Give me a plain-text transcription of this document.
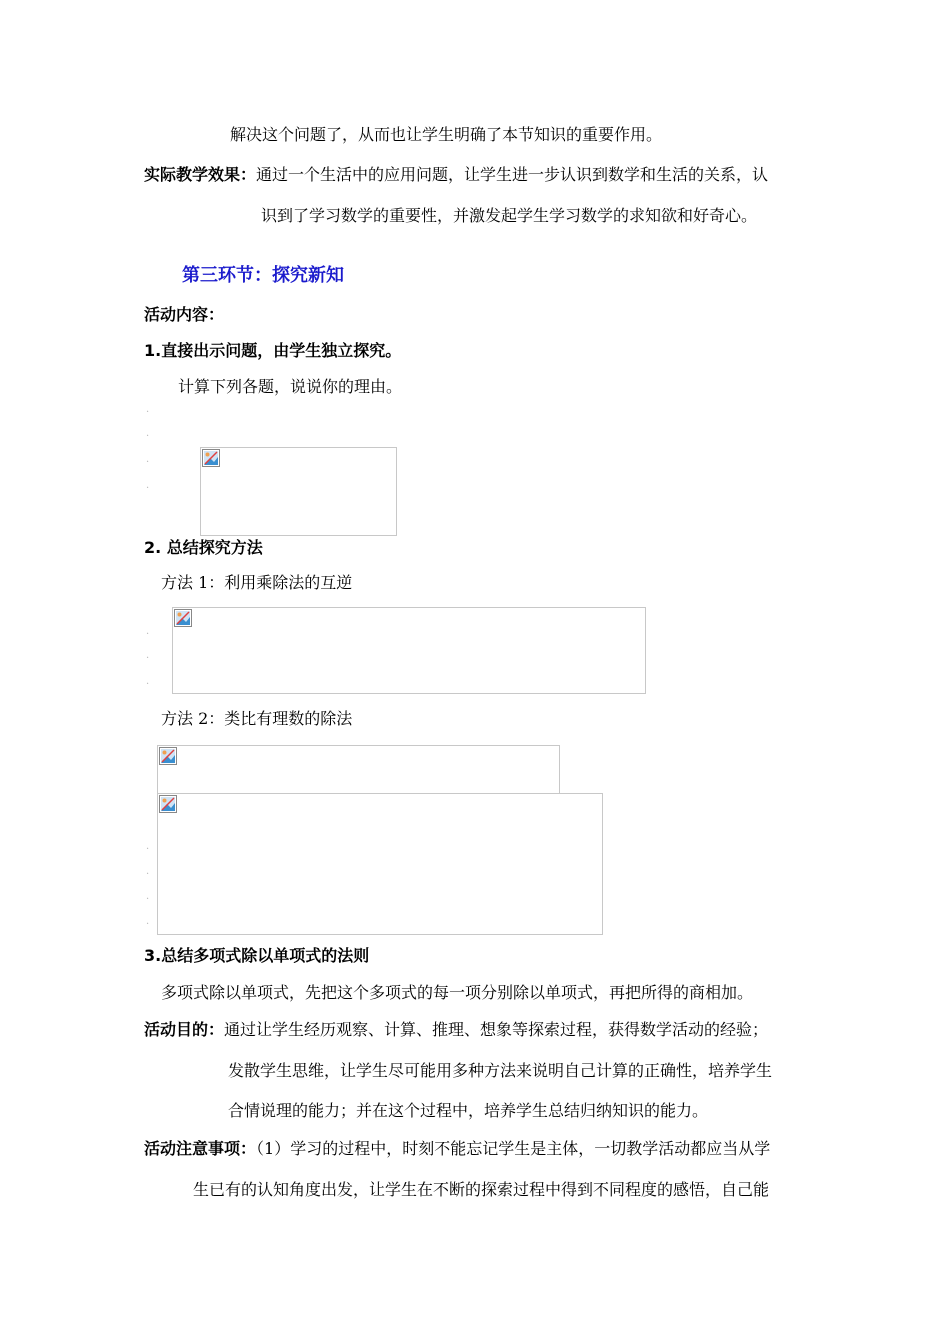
解决这个问题了，从而也让学生明确了本节知识的重要作用。
实际教学效果：通过一个生活中的应用问题，让学生进一步认识到数学和生活的关系，认
识到了学习数学的重要性，并激发起学生学习数学的求知欲和好奇心。
第三环节：探究新知
活动内容：
1.直接出示问题，由学生独立探究。
计算下列各题，说说你的理由。
·
·
·
·
2. 总结探究方法
方法 1：利用乘除法的互逆
·
·
·
方法 2：类比有理数的除法
·
·
·
·
3.总结多项式除以单项式的法则
多项式除以单项式，先把这个多项式的每一项分别除以单项式，再把所得的商相加。
活动目的：通过让学生经历观察、计算、推理、想象等探索过程，获得数学活动的经验；
发散学生思维，让学生尽可能用多种方法来说明自己计算的正确性，培养学生
合情说理的能力；并在这个过程中，培养学生总结归纳知识的能力。
活动注意事项：（1）学习的过程中，时刻不能忘记学生是主体，一切教学活动都应当从学
生已有的认知角度出发，让学生在不断的探索过程中得到不同程度的感悟，自己能
